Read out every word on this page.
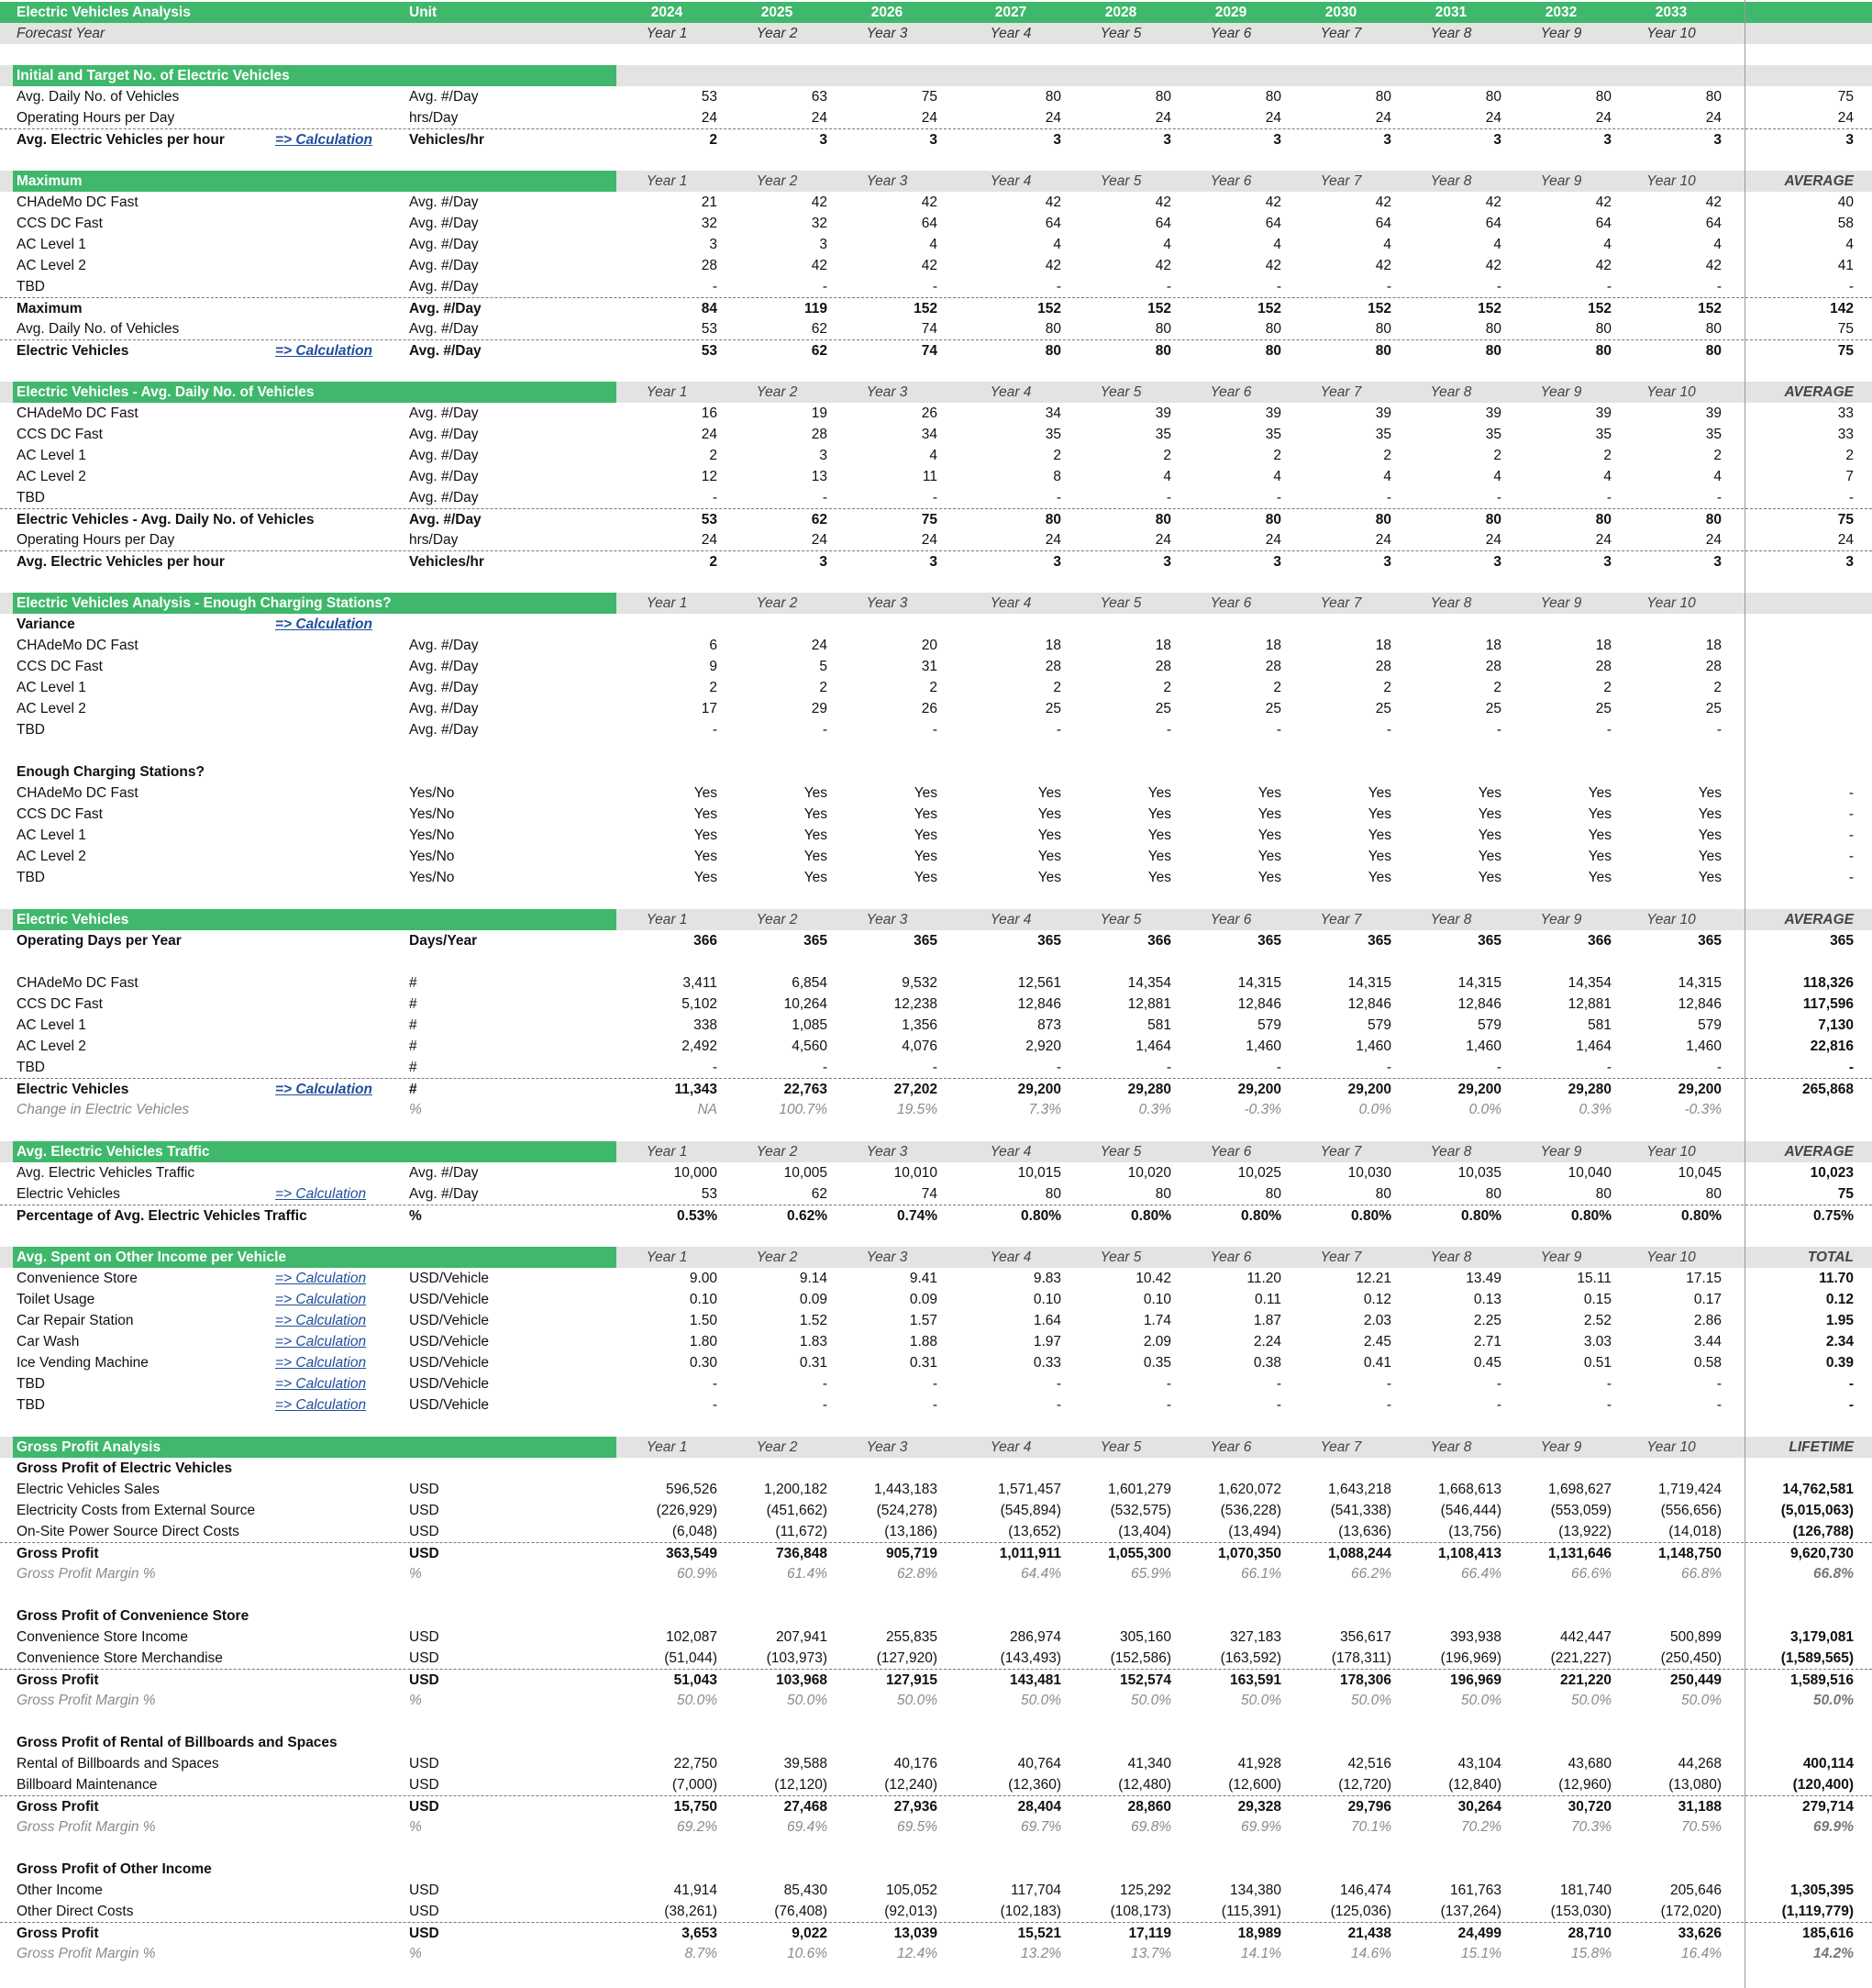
Electric Vehicles Analysis	Unit	2024	2025	2026	2027	2028	2029	2030	2031	2032	2033
Forecast Year	Year 1	Year 2	Year 3	Year 4	Year 5	Year 6	Year 7	Year 8	Year 9	Year 10
Initial and Target No. of Electric Vehicles
Avg. Daily No. of Vehicles	Avg. #/Day	53	63	75	80	80	80	80	80	80	80	75
Operating Hours per Day	hrs/Day	24	24	24	24	24	24	24	24	24	24	24
Avg. Electric Vehicles per hour	=> Calculation	Vehicles/hr	2	3	3	3	3	3	3	3	3	3	3
Maximum	Year 1	Year 2	Year 3	Year 4	Year 5	Year 6	Year 7	Year 8	Year 9	Year 10	AVERAGE
CHAdeMo DC Fast	Avg. #/Day	21	42	42	42	42	42	42	42	42	42	40
CCS DC Fast	Avg. #/Day	32	32	64	64	64	64	64	64	64	64	58
AC Level 1	Avg. #/Day	3	3	4	4	4	4	4	4	4	4	4
AC Level 2	Avg. #/Day	28	42	42	42	42	42	42	42	42	42	41
TBD	Avg. #/Day	-	-	-	-	-	-	-	-	-	-	-
Maximum	Avg. #/Day	84	119	152	152	152	152	152	152	152	152	142
Avg. Daily No. of Vehicles	Avg. #/Day	53	62	74	80	80	80	80	80	80	80	75
Electric Vehicles	=> Calculation	Avg. #/Day	53	62	74	80	80	80	80	80	80	80	75
Electric Vehicles - Avg. Daily No. of Vehicles	Year 1	Year 2	Year 3	Year 4	Year 5	Year 6	Year 7	Year 8	Year 9	Year 10	AVERAGE
CHAdeMo DC Fast	Avg. #/Day	16	19	26	34	39	39	39	39	39	39	33
CCS DC Fast	Avg. #/Day	24	28	34	35	35	35	35	35	35	35	33
AC Level 1	Avg. #/Day	2	3	4	2	2	2	2	2	2	2	2
AC Level 2	Avg. #/Day	12	13	11	8	4	4	4	4	4	4	7
TBD	Avg. #/Day	-	-	-	-	-	-	-	-	-	-	-
Electric Vehicles - Avg. Daily No. of Vehicles	Avg. #/Day	53	62	75	80	80	80	80	80	80	80	75
Operating Hours per Day	hrs/Day	24	24	24	24	24	24	24	24	24	24	24
Avg. Electric Vehicles per hour	Vehicles/hr	2	3	3	3	3	3	3	3	3	3	3
Electric Vehicles Analysis - Enough Charging Stations?	Year 1	Year 2	Year 3	Year 4	Year 5	Year 6	Year 7	Year 8	Year 9	Year 10
Variance	=> Calculation
CHAdeMo DC Fast	Avg. #/Day	6	24	20	18	18	18	18	18	18	18
CCS DC Fast	Avg. #/Day	9	5	31	28	28	28	28	28	28	28
AC Level 1	Avg. #/Day	2	2	2	2	2	2	2	2	2	2
AC Level 2	Avg. #/Day	17	29	26	25	25	25	25	25	25	25
TBD	Avg. #/Day	-	-	-	-	-	-	-	-	-	-
Enough Charging Stations?
CHAdeMo DC Fast	Yes/No	Yes	Yes	Yes	Yes	Yes	Yes	Yes	Yes	Yes	Yes	-
CCS DC Fast	Yes/No	Yes	Yes	Yes	Yes	Yes	Yes	Yes	Yes	Yes	Yes	-
AC Level 1	Yes/No	Yes	Yes	Yes	Yes	Yes	Yes	Yes	Yes	Yes	Yes	-
AC Level 2	Yes/No	Yes	Yes	Yes	Yes	Yes	Yes	Yes	Yes	Yes	Yes	-
TBD	Yes/No	Yes	Yes	Yes	Yes	Yes	Yes	Yes	Yes	Yes	Yes	-
Electric Vehicles	Year 1	Year 2	Year 3	Year 4	Year 5	Year 6	Year 7	Year 8	Year 9	Year 10	AVERAGE
Operating Days per Year	Days/Year	366	365	365	365	366	365	365	365	366	365	365
CHAdeMo DC Fast	#	3,411	6,854	9,532	12,561	14,354	14,315	14,315	14,315	14,354	14,315	118,326
CCS DC Fast	#	5,102	10,264	12,238	12,846	12,881	12,846	12,846	12,846	12,881	12,846	117,596
AC Level 1	#	338	1,085	1,356	873	581	579	579	579	581	579	7,130
AC Level 2	#	2,492	4,560	4,076	2,920	1,464	1,460	1,460	1,460	1,464	1,460	22,816
TBD	#	-	-	-	-	-	-	-	-	-	-	-
Electric Vehicles	=> Calculation	#	11,343	22,763	27,202	29,200	29,280	29,200	29,200	29,200	29,280	29,200	265,868
Change in Electric Vehicles	%	NA	100.7%	19.5%	7.3%	0.3%	-0.3%	0.0%	0.0%	0.3%	-0.3%
Avg. Electric Vehicles Traffic	Year 1	Year 2	Year 3	Year 4	Year 5	Year 6	Year 7	Year 8	Year 9	Year 10	AVERAGE
Avg. Electric Vehicles Traffic	Avg. #/Day	10,000	10,005	10,010	10,015	10,020	10,025	10,030	10,035	10,040	10,045	10,023
Electric Vehicles	=> Calculation	Avg. #/Day	53	62	74	80	80	80	80	80	80	80	75
Percentage of Avg. Electric Vehicles Traffic	%	0.53%	0.62%	0.74%	0.80%	0.80%	0.80%	0.80%	0.80%	0.80%	0.80%	0.75%
Avg. Spent on Other Income per Vehicle	Year 1	Year 2	Year 3	Year 4	Year 5	Year 6	Year 7	Year 8	Year 9	Year 10	TOTAL
Convenience Store	=> Calculation	USD/Vehicle	9.00	9.14	9.41	9.83	10.42	11.20	12.21	13.49	15.11	17.15	11.70
Toilet Usage	=> Calculation	USD/Vehicle	0.10	0.09	0.09	0.10	0.10	0.11	0.12	0.13	0.15	0.17	0.12
Car Repair Station	=> Calculation	USD/Vehicle	1.50	1.52	1.57	1.64	1.74	1.87	2.03	2.25	2.52	2.86	1.95
Car Wash	=> Calculation	USD/Vehicle	1.80	1.83	1.88	1.97	2.09	2.24	2.45	2.71	3.03	3.44	2.34
Ice Vending Machine	=> Calculation	USD/Vehicle	0.30	0.31	0.31	0.33	0.35	0.38	0.41	0.45	0.51	0.58	0.39
TBD	=> Calculation	USD/Vehicle	-	-	-	-	-	-	-	-	-	-	-
TBD	=> Calculation	USD/Vehicle	-	-	-	-	-	-	-	-	-	-	-
Gross Profit Analysis	Year 1	Year 2	Year 3	Year 4	Year 5	Year 6	Year 7	Year 8	Year 9	Year 10	LIFETIME
Gross Profit of Electric Vehicles
Electric Vehicles Sales	USD	596,526	1,200,182	1,443,183	1,571,457	1,601,279	1,620,072	1,643,218	1,668,613	1,698,627	1,719,424	14,762,581
Electricity Costs from External Source	USD	(226,929)	(451,662)	(524,278)	(545,894)	(532,575)	(536,228)	(541,338)	(546,444)	(553,059)	(556,656)	(5,015,063)
On-Site Power Source Direct Costs	USD	(6,048)	(11,672)	(13,186)	(13,652)	(13,404)	(13,494)	(13,636)	(13,756)	(13,922)	(14,018)	(126,788)
Gross Profit	USD	363,549	736,848	905,719	1,011,911	1,055,300	1,070,350	1,088,244	1,108,413	1,131,646	1,148,750	9,620,730
Gross Profit Margin %	%	60.9%	61.4%	62.8%	64.4%	65.9%	66.1%	66.2%	66.4%	66.6%	66.8%	66.8%
Gross Profit of Convenience Store
Convenience Store Income	USD	102,087	207,941	255,835	286,974	305,160	327,183	356,617	393,938	442,447	500,899	3,179,081
Convenience Store Merchandise	USD	(51,044)	(103,973)	(127,920)	(143,493)	(152,586)	(163,592)	(178,311)	(196,969)	(221,227)	(250,450)	(1,589,565)
Gross Profit	USD	51,043	103,968	127,915	143,481	152,574	163,591	178,306	196,969	221,220	250,449	1,589,516
Gross Profit Margin %	%	50.0%	50.0%	50.0%	50.0%	50.0%	50.0%	50.0%	50.0%	50.0%	50.0%	50.0%
Gross Profit of Rental of Billboards and Spaces
Rental of Billboards and Spaces	USD	22,750	39,588	40,176	40,764	41,340	41,928	42,516	43,104	43,680	44,268	400,114
Billboard Maintenance	USD	(7,000)	(12,120)	(12,240)	(12,360)	(12,480)	(12,600)	(12,720)	(12,840)	(12,960)	(13,080)	(120,400)
Gross Profit	USD	15,750	27,468	27,936	28,404	28,860	29,328	29,796	30,264	30,720	31,188	279,714
Gross Profit Margin %	%	69.2%	69.4%	69.5%	69.7%	69.8%	69.9%	70.1%	70.2%	70.3%	70.5%	69.9%
Gross Profit of Other Income
Other Income	USD	41,914	85,430	105,052	117,704	125,292	134,380	146,474	161,763	181,740	205,646	1,305,395
Other Direct Costs	USD	(38,261)	(76,408)	(92,013)	(102,183)	(108,173)	(115,391)	(125,036)	(137,264)	(153,030)	(172,020)	(1,119,779)
Gross Profit	USD	3,653	9,022	13,039	15,521	17,119	18,989	21,438	24,499	28,710	33,626	185,616
Gross Profit Margin %	%	8.7%	10.6%	12.4%	13.2%	13.7%	14.1%	14.6%	15.1%	15.8%	16.4%	14.2%
